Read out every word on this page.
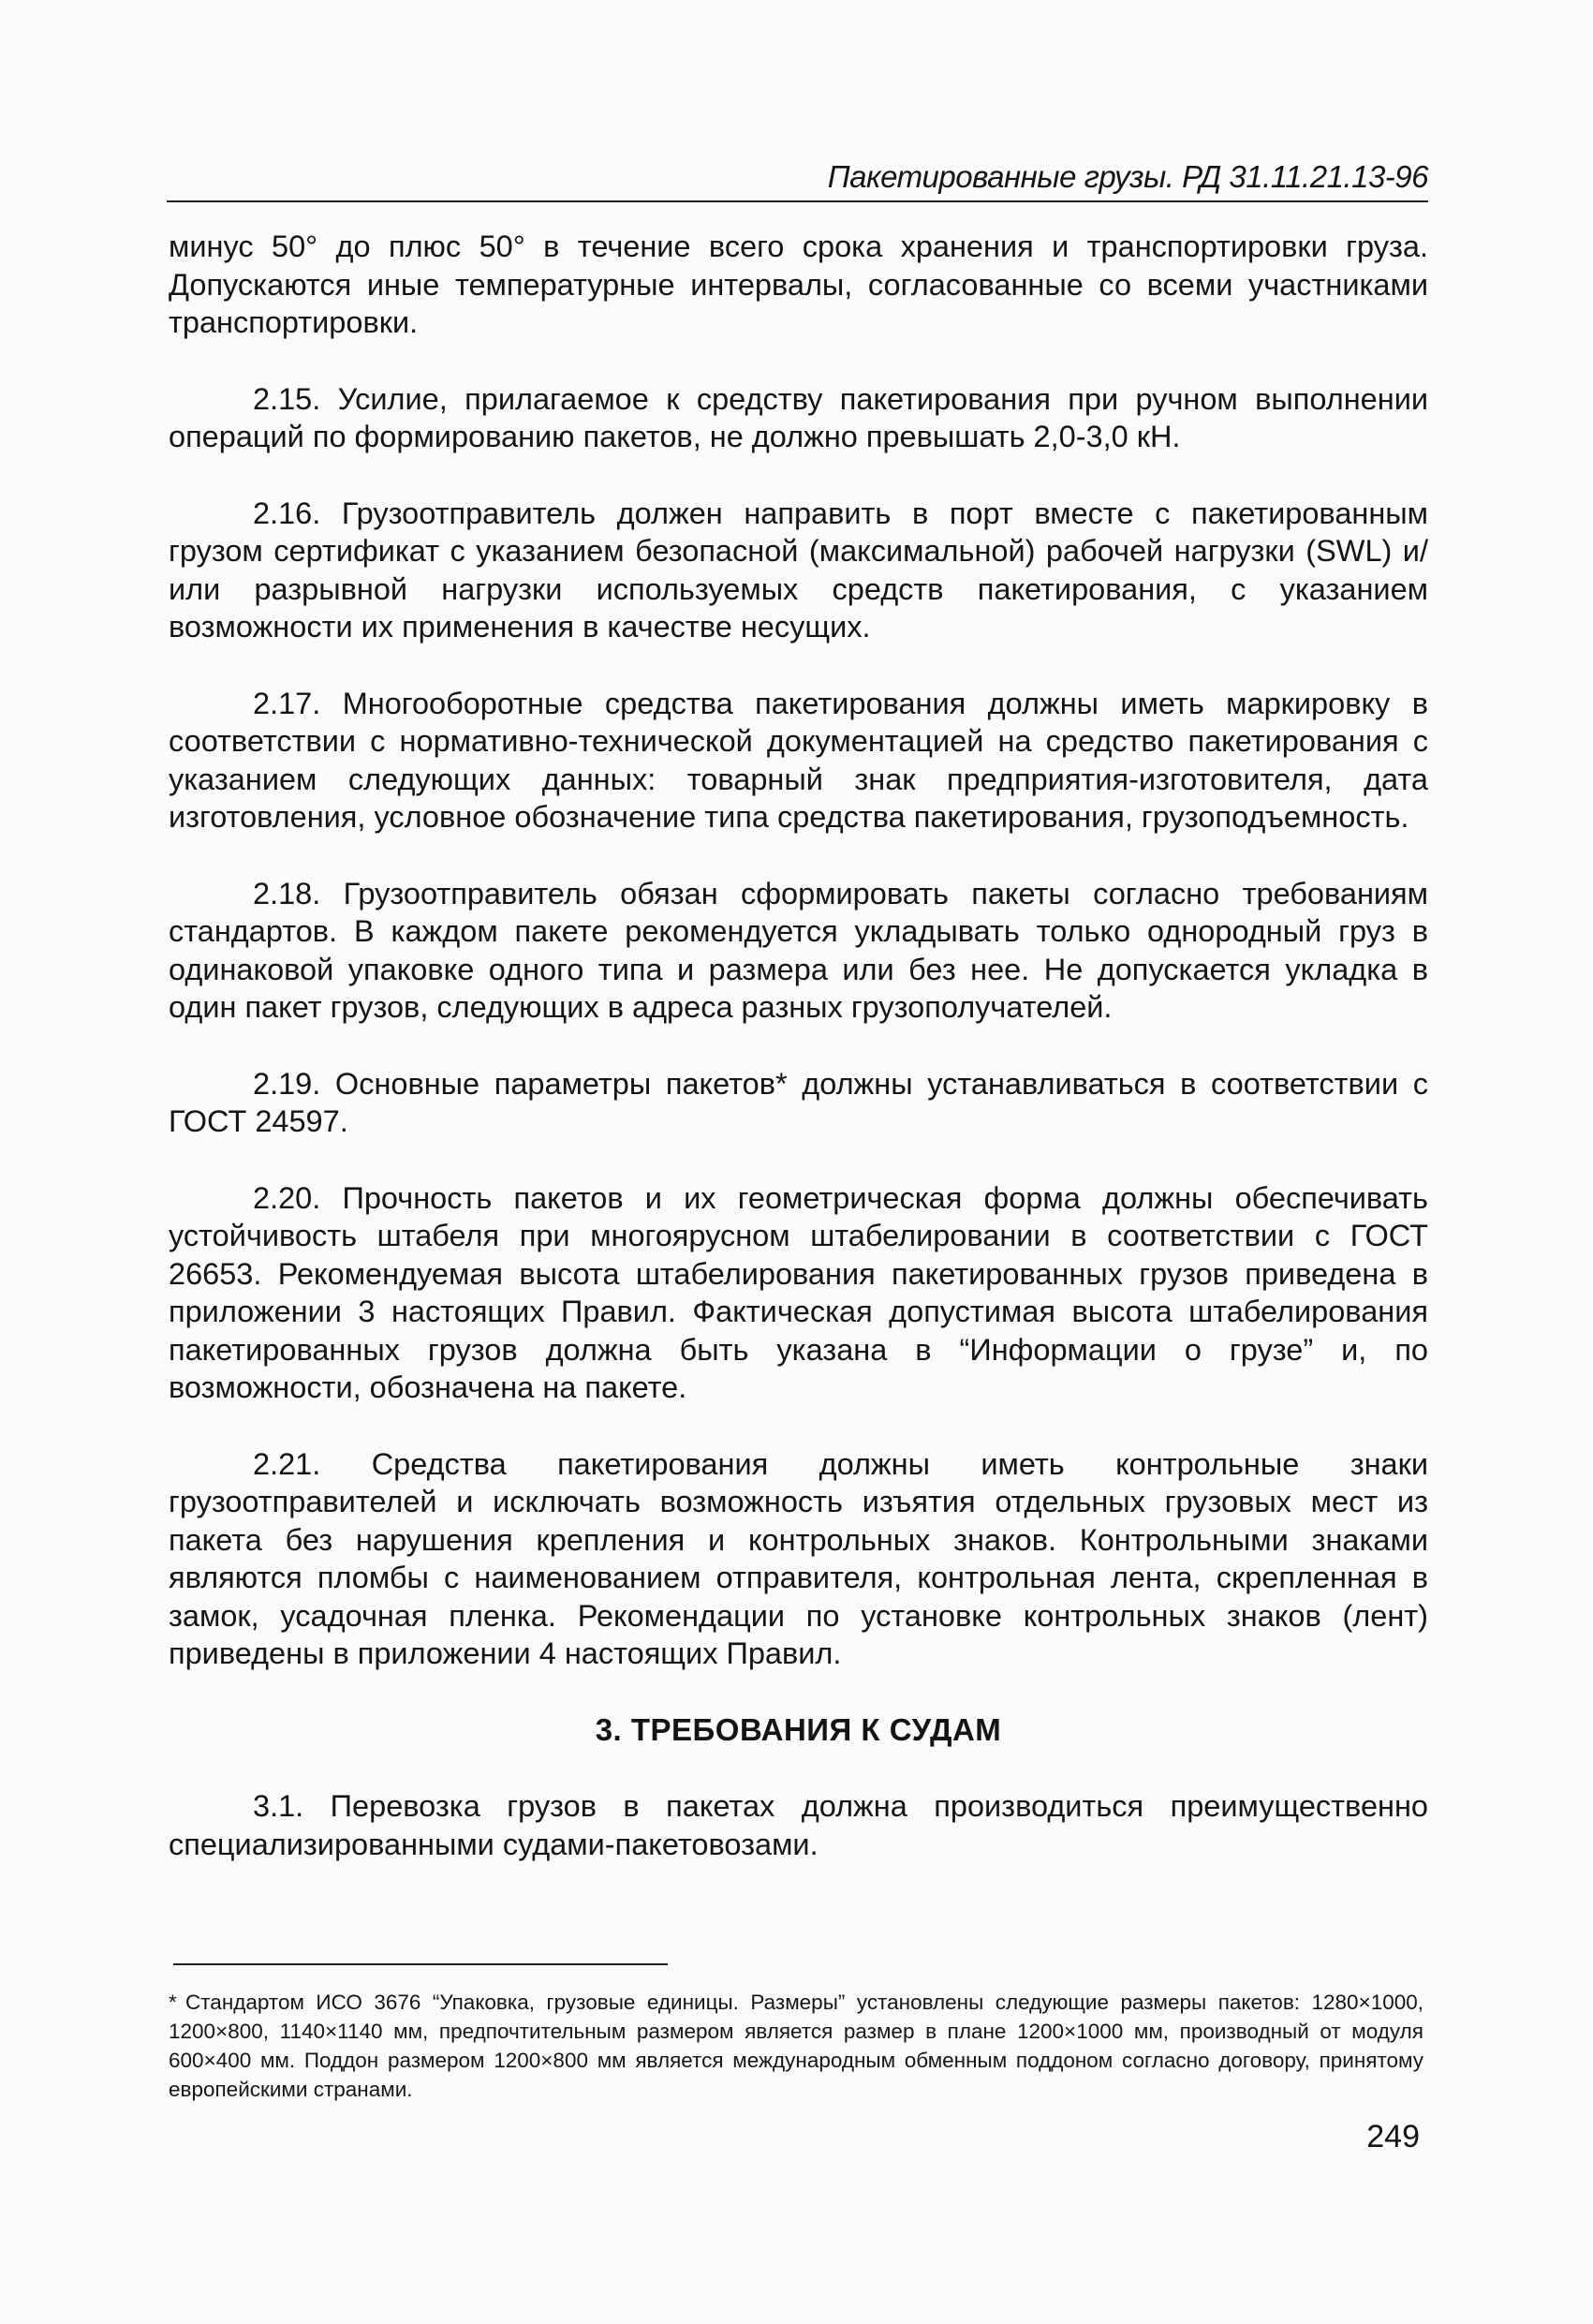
Пакетированные грузы. РД 31.11.21.13-96

минус 50° до плюс 50° в течение всего срока хранения и транспортировки груза. Допускаются иные температурные интервалы, согласованные со всеми участниками транспортировки.

2.15. Усилие, прилагаемое к средству пакетирования при ручном выполнении операций по формированию пакетов, не должно превышать 2,0-3,0 кН.

2.16. Грузоотправитель должен направить в порт вместе с пакетированным грузом сертификат с указанием безопасной (максимальной) рабочей нагрузки (SWL) и/или разрывной нагрузки используемых средств пакетирования, с указанием возможности их применения в качестве несущих.

2.17. Многооборотные средства пакетирования должны иметь маркировку в соответствии с нормативно-технической документацией на средство пакетирования с указанием следующих данных: товарный знак предприятия-изготовителя, дата изготовления, условное обозначение типа средства пакетирования, грузоподъемность.

2.18. Грузоотправитель обязан сформировать пакеты согласно требованиям стандартов. В каждом пакете рекомендуется укладывать только однородный груз в одинаковой упаковке одного типа и размера или без нее. Не допускается укладка в один пакет грузов, следующих в адреса разных грузополучателей.

2.19. Основные параметры пакетов* должны устанавливаться в соответствии с ГОСТ 24597.

2.20. Прочность пакетов и их геометрическая форма должны обеспечивать устойчивость штабеля при многоярусном штабелировании в соответствии с ГОСТ 26653. Рекомендуемая высота штабелирования пакетированных грузов приведена в приложении 3 настоящих Правил. Фактическая допустимая высота штабелирования пакетированных грузов должна быть указана в “Информации о грузе” и, по возможности, обозначена на пакете.

2.21. Средства пакетирования должны иметь контрольные знаки грузоотправителей и исключать возможность изъятия отдельных грузовых мест из пакета без нарушения крепления и контрольных знаков. Контрольными знаками являются пломбы с наименованием отправителя, контрольная лента, скрепленная в замок, усадочная пленка. Рекомендации по установке контрольных знаков (лент) приведены в приложении 4 настоящих Правил.

3. ТРЕБОВАНИЯ К СУДАМ

3.1. Перевозка грузов в пакетах должна производиться преимущественно специализированными судами-пакетовозами.

* Стандартом ИСО 3676 “Упаковка, грузовые единицы. Размеры” установлены следующие размеры пакетов: 1280×1000, 1200×800, 1140×1140 мм, предпочтительным размером является размер в плане 1200×1000 мм, производный от модуля 600×400 мм. Поддон размером 1200×800 мм является международным обменным поддоном согласно договору, принятому европейскими странами.
249
